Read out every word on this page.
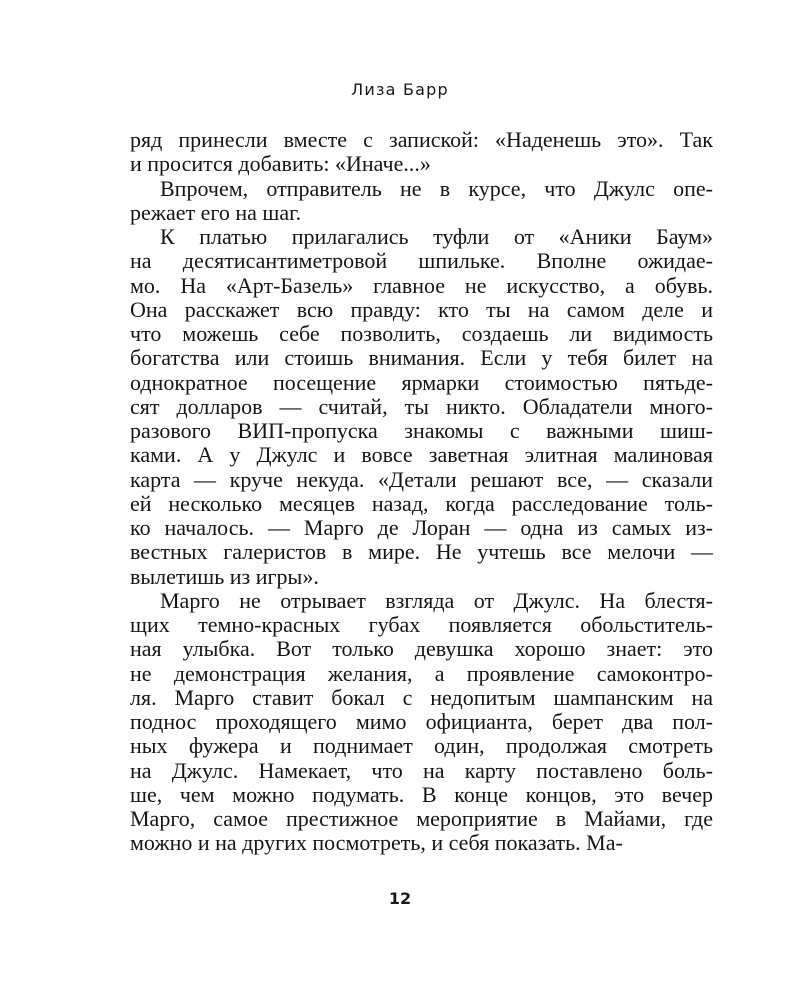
Лиза Барр
ряд принесли вместе с запиской: «Наденешь это». Так
и просится добавить: «Иначе...»
Впрочем, отправитель не в курсе, что Джулс опе-
режает его на шаг.
К платью прилагались туфли от «Аники Баум»
на десятисантиметровой шпильке. Вполне ожидае-
мо. На «Арт-Базель» главное не искусство, а обувь.
Она расскажет всю правду: кто ты на самом деле и
что можешь себе позволить, создаешь ли видимость
богатства или стоишь внимания. Если у тебя билет на
однократное посещение ярмарки стоимостью пятьде-
сят долларов — считай, ты никто. Обладатели много-
разового ВИП-пропуска знакомы с важными шиш-
ками. А у Джулс и вовсе заветная элитная малиновая
карта — круче некуда. «Детали решают все, — сказали
ей несколько месяцев назад, когда расследование толь-
ко началось. — Марго де Лоран — одна из самых из-
вестных галеристов в мире. Не учтешь все мелочи —
вылетишь из игры».
Марго не отрывает взгляда от Джулс. На блестя-
щих темно-красных губах появляется обольститель-
ная улыбка. Вот только девушка хорошо знает: это
не демонстрация желания, а проявление самоконтро-
ля. Марго ставит бокал с недопитым шампанским на
поднос проходящего мимо официанта, берет два пол-
ных фужера и поднимает один, продолжая смотреть
на Джулс. Намекает, что на карту поставлено боль-
ше, чем можно подумать. В конце концов, это вечер
Марго, самое престижное мероприятие в Майами, где
можно и на других посмотреть, и себя показать. Ма-
12
